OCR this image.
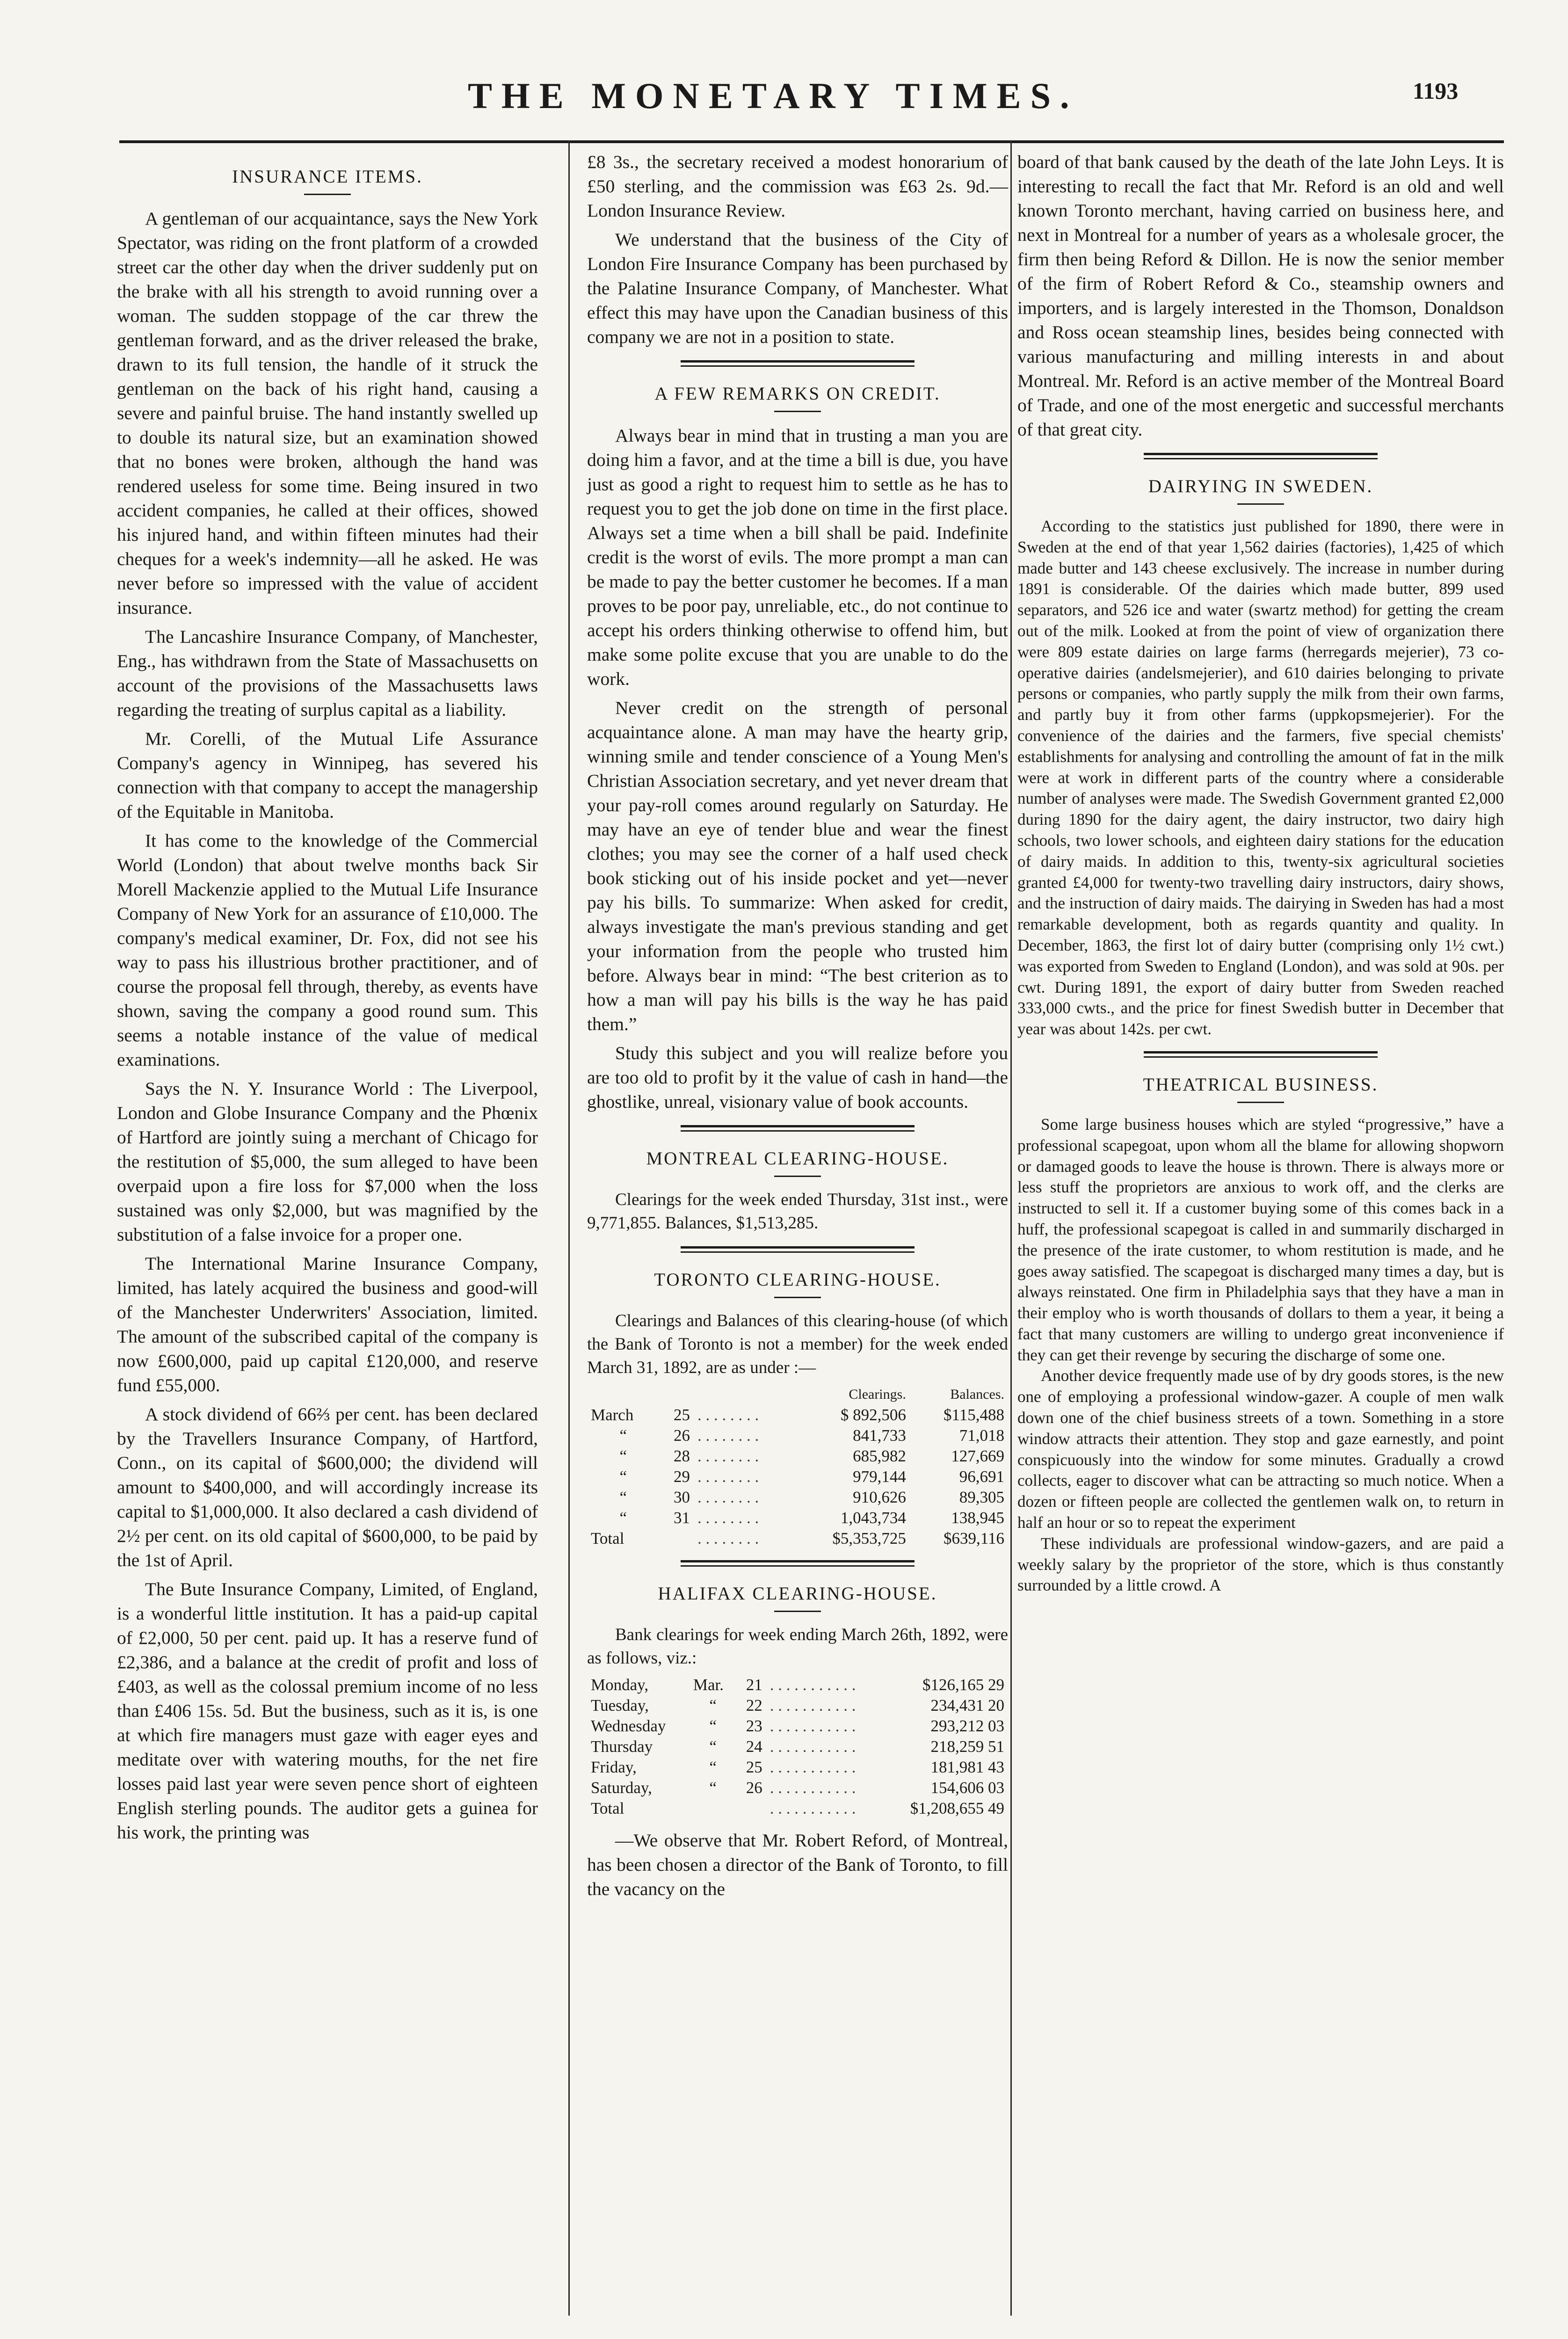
THE MONETARY TIMES.	1193
INSURANCE ITEMS.

A gentleman of our acquaintance, says the New York Spectator, was riding on the front platform of a crowded street car the other day when the driver suddenly put on the brake with all his strength to avoid running over a woman. The sudden stoppage of the car threw the gentleman forward, and as the driver released the brake, drawn to its full tension, the handle of it struck the gentleman on the back of his right hand, causing a severe and painful bruise. The hand instantly swelled up to double its natural size, but an examination showed that no bones were broken, although the hand was rendered useless for some time. Being insured in two accident companies, he called at their offices, showed his injured hand, and within fifteen minutes had their cheques for a week's indemnity—all he asked. He was never before so impressed with the value of accident insurance.

The Lancashire Insurance Company, of Manchester, Eng., has withdrawn from the State of Massachusetts on account of the provisions of the Massachusetts laws regarding the treating of surplus capital as a liability.

Mr. Corelli, of the Mutual Life Assurance Company's agency in Winnipeg, has severed his connection with that company to accept the managership of the Equitable in Manitoba.

It has come to the knowledge of the Commercial World (London) that about twelve months back Sir Morell Mackenzie applied to the Mutual Life Insurance Company of New York for an assurance of £10,000. The company's medical examiner, Dr. Fox, did not see his way to pass his illustrious brother practitioner, and of course the proposal fell through, thereby, as events have shown, saving the company a good round sum. This seems a notable instance of the value of medical examinations.

Says the N. Y. Insurance World : The Liverpool, London and Globe Insurance Company and the Phœnix of Hartford are jointly suing a merchant of Chicago for the restitution of $5,000, the sum alleged to have been overpaid upon a fire loss for $7,000 when the loss sustained was only $2,000, but was magnified by the substitution of a false invoice for a proper one.

The International Marine Insurance Company, limited, has lately acquired the business and good-will of the Manchester Underwriters' Association, limited. The amount of the subscribed capital of the company is now £600,000, paid up capital £120,000, and reserve fund £55,000.

A stock dividend of 66⅔ per cent. has been declared by the Travellers Insurance Company, of Hartford, Conn., on its capital of $600,000; the dividend will amount to $400,000, and will accordingly increase its capital to $1,000,000. It also declared a cash dividend of 2½ per cent. on its old capital of $600,000, to be paid by the 1st of April.

The Bute Insurance Company, Limited, of England, is a wonderful little institution. It has a paid-up capital of £2,000, 50 per cent. paid up. It has a reserve fund of £2,386, and a balance at the credit of profit and loss of £403, as well as the colossal premium income of no less than £406 15s. 5d. But the business, such as it is, is one at which fire managers must gaze with eager eyes and meditate over with watering mouths, for the net fire losses paid last year were seven pence short of eighteen English sterling pounds. The auditor gets a guinea for his work, the printing was

£8 3s., the secretary received a modest honorarium of £50 sterling, and the commission was £63 2s. 9d.—London Insurance Review.

We understand that the business of the City of London Fire Insurance Company has been purchased by the Palatine Insurance Company, of Manchester. What effect this may have upon the Canadian business of this company we are not in a position to state.

A FEW REMARKS ON CREDIT.

Always bear in mind that in trusting a man you are doing him a favor, and at the time a bill is due, you have just as good a right to request him to settle as he has to request you to get the job done on time in the first place. Always set a time when a bill shall be paid. Indefinite credit is the worst of evils. The more prompt a man can be made to pay the better customer he becomes. If a man proves to be poor pay, unreliable, etc., do not continue to accept his orders thinking otherwise to offend him, but make some polite excuse that you are unable to do the work.

Never credit on the strength of personal acquaintance alone. A man may have the hearty grip, winning smile and tender conscience of a Young Men's Christian Association secretary, and yet never dream that your pay-roll comes around regularly on Saturday. He may have an eye of tender blue and wear the finest clothes; you may see the corner of a half used check book sticking out of his inside pocket and yet—never pay his bills. To summarize: When asked for credit, always investigate the man's previous standing and get your information from the people who trusted him before. Always bear in mind: “The best criterion as to how a man will pay his bills is the way he has paid them.”

Study this subject and you will realize before you are too old to profit by it the value of cash in hand—the ghostlike, unreal, visionary value of book accounts.

MONTREAL CLEARING-HOUSE.

Clearings for the week ended Thursday, 31st inst., were 9,771,855. Balances, $1,513,285.

TORONTO CLEARING-HOUSE.

Clearings and Balances of this clearing-house (of which the Bank of Toronto is not a member) for the week ended March 31, 1892, are as under :—

			Clearings.	Balances.
March	25	. . . . . . . .	$ 892,506	$115,488
“	26	. . . . . . . .	841,733	71,018
“	28	. . . . . . . .	685,982	127,669
“	29	. . . . . . . .	979,144	96,691
“	30	. . . . . . . .	910,626	89,305
“	31	. . . . . . . .	1,043,734	138,945
Total		. . . . . . . .	$5,353,725	$639,116
HALIFAX CLEARING-HOUSE.

Bank clearings for week ending March 26th, 1892, were as follows, viz.:

Monday,	Mar.	21	. . . . . . . . . . .	$126,165 29
Tuesday,	“	22	. . . . . . . . . . .	234,431 20
Wednesday	“	23	. . . . . . . . . . .	293,212 03
Thursday	“	24	. . . . . . . . . . .	218,259 51
Friday,	“	25	. . . . . . . . . . .	181,981 43
Saturday,	“	26	. . . . . . . . . . .	154,606 03
Total			. . . . . . . . . . .	$1,208,655 49

—We observe that Mr. Robert Reford, of Montreal, has been chosen a director of the Bank of Toronto, to fill the vacancy on the

board of that bank caused by the death of the late John Leys. It is interesting to recall the fact that Mr. Reford is an old and well known Toronto merchant, having carried on business here, and next in Montreal for a number of years as a wholesale grocer, the firm then being Reford & Dillon. He is now the senior member of the firm of Robert Reford & Co., steamship owners and importers, and is largely interested in the Thomson, Donaldson and Ross ocean steamship lines, besides being connected with various manufacturing and milling interests in and about Montreal. Mr. Reford is an active member of the Montreal Board of Trade, and one of the most energetic and successful merchants of that great city.

DAIRYING IN SWEDEN.

According to the statistics just published for 1890, there were in Sweden at the end of that year 1,562 dairies (factories), 1,425 of which made butter and 143 cheese exclusively. The increase in number during 1891 is considerable. Of the dairies which made butter, 899 used separators, and 526 ice and water (swartz method) for getting the cream out of the milk. Looked at from the point of view of organization there were 809 estate dairies on large farms (herregards mejerier), 73 co-operative dairies (andelsmejerier), and 610 dairies belonging to private persons or companies, who partly supply the milk from their own farms, and partly buy it from other farms (uppkopsmejerier). For the convenience of the dairies and the farmers, five special chemists' establishments for analysing and controlling the amount of fat in the milk were at work in different parts of the country where a considerable number of analyses were made. The Swedish Government granted £2,000 during 1890 for the dairy agent, the dairy instructor, two dairy high schools, two lower schools, and eighteen dairy stations for the education of dairy maids. In addition to this, twenty-six agricultural societies granted £4,000 for twenty-two travelling dairy instructors, dairy shows, and the instruction of dairy maids. The dairying in Sweden has had a most remarkable development, both as regards quantity and quality. In December, 1863, the first lot of dairy butter (comprising only 1½ cwt.) was exported from Sweden to England (London), and was sold at 90s. per cwt. During 1891, the export of dairy butter from Sweden reached 333,000 cwts., and the price for finest Swedish butter in December that year was about 142s. per cwt.

THEATRICAL BUSINESS.

Some large business houses which are styled “progressive,” have a professional scapegoat, upon whom all the blame for allowing shopworn or damaged goods to leave the house is thrown. There is always more or less stuff the proprietors are anxious to work off, and the clerks are instructed to sell it. If a customer buying some of this comes back in a huff, the professional scapegoat is called in and summarily discharged in the presence of the irate customer, to whom restitution is made, and he goes away satisfied. The scapegoat is discharged many times a day, but is always reinstated. One firm in Philadelphia says that they have a man in their employ who is worth thousands of dollars to them a year, it being a fact that many customers are willing to undergo great inconvenience if they can get their revenge by securing the discharge of some one.

Another device frequently made use of by dry goods stores, is the new one of employing a professional window-gazer. A couple of men walk down one of the chief business streets of a town. Something in a store window attracts their attention. They stop and gaze earnestly, and point conspicuously into the window for some minutes. Gradually a crowd collects, eager to discover what can be attracting so much notice. When a dozen or fifteen people are collected the gentlemen walk on, to return in half an hour or so to repeat the experiment

These individuals are professional window-gazers, and are paid a weekly salary by the proprietor of the store, which is thus constantly surrounded by a little crowd. A
